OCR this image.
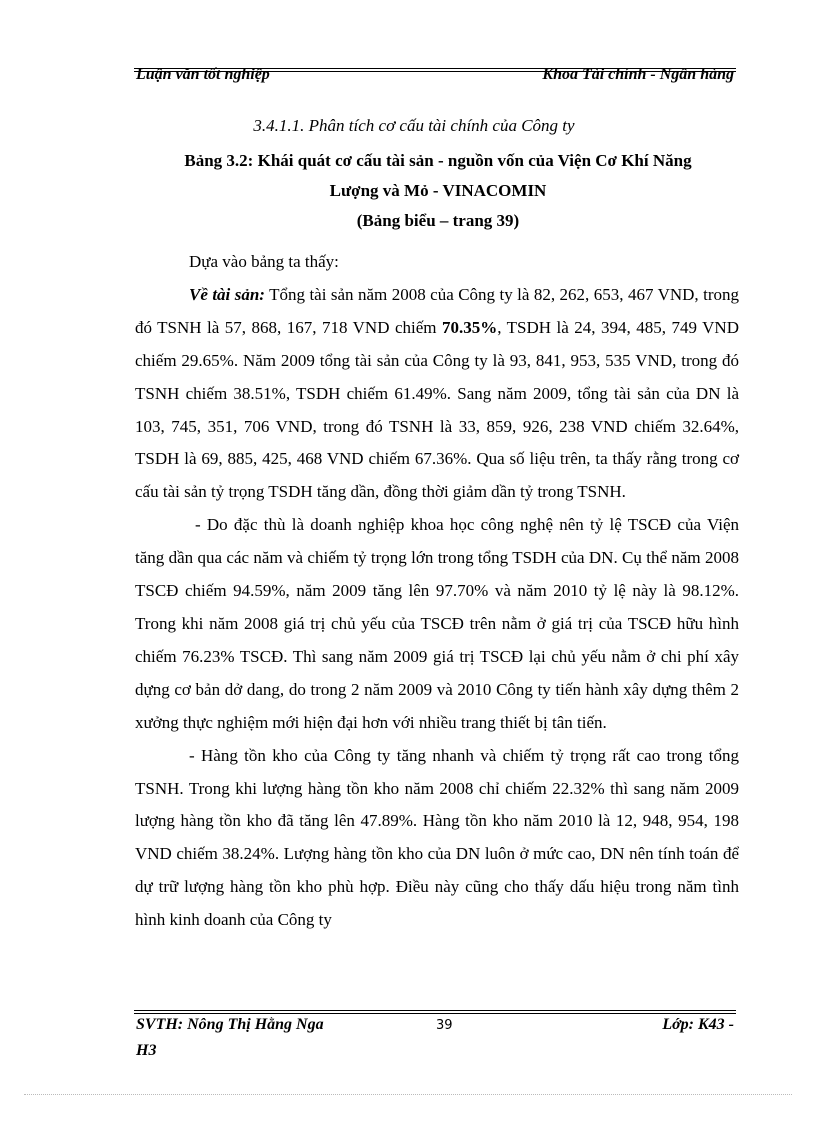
Luận văn tốt nghiệp	Khoa Tài chính - Ngân hàng
3.4.1.1. Phân tích cơ cấu tài chính của Công ty
Bảng 3.2: Khái quát cơ cấu tài sản - nguồn vốn của Viện Cơ Khí Năng
Lượng và Mỏ - VINACOMIN
(Bảng biểu – trang 39)

Dựa vào bảng ta thấy:

Về tài sản: Tổng tài sản năm 2008 của Công ty là 82, 262, 653, 467 VND, trong đó TSNH là 57, 868, 167, 718 VND chiếm 70.35%, TSDH là 24, 394, 485, 749 VND chiếm 29.65%. Năm 2009 tổng tài sản của Công ty là 93, 841, 953, 535 VND, trong đó TSNH chiếm 38.51%, TSDH chiếm 61.49%. Sang năm 2009, tổng tài sản của DN là 103, 745, 351, 706 VND, trong đó TSNH là 33, 859, 926, 238 VND chiếm 32.64%, TSDH là 69, 885, 425, 468 VND chiếm 67.36%. Qua số liệu trên, ta thấy rằng trong cơ cấu tài sản tỷ trọng TSDH tăng dần, đồng thời giảm dần tỷ trong TSNH.

- Do đặc thù là doanh nghiệp khoa học công nghệ nên tỷ lệ TSCĐ của Viện tăng dần qua các năm và chiếm tỷ trọng lớn trong tổng TSDH của DN. Cụ thể năm 2008 TSCĐ chiếm 94.59%, năm 2009 tăng lên 97.70% và năm 2010 tỷ lệ này là 98.12%. Trong khi năm 2008 giá trị chủ yếu của TSCĐ trên nằm ở giá trị của TSCĐ hữu hình chiếm 76.23% TSCĐ. Thì sang năm 2009 giá trị TSCĐ lại chủ yếu nằm ở chi phí xây dựng cơ bản dở dang, do trong 2 năm 2009 và 2010 Công ty tiến hành xây dựng thêm 2 xưởng thực nghiệm mới hiện đại hơn với nhiều trang thiết bị tân tiến.

- Hàng tồn kho của Công ty tăng nhanh và chiếm tỷ trọng rất cao trong tổng TSNH. Trong khi lượng hàng tồn kho năm 2008 chỉ chiếm 22.32% thì sang năm 2009 lượng hàng tồn kho đã tăng lên 47.89%. Hàng tồn kho năm 2010 là 12, 948, 954, 198 VND chiếm 38.24%. Lượng hàng tồn kho của DN luôn ở mức cao, DN nên tính toán để dự trữ lượng hàng tồn kho phù hợp. Điều này cũng cho thấy dấu hiệu trong năm tình hình kinh doanh của Công ty

SVTH: Nông Thị Hằng Nga	39	Lớp: K43 -
H3
